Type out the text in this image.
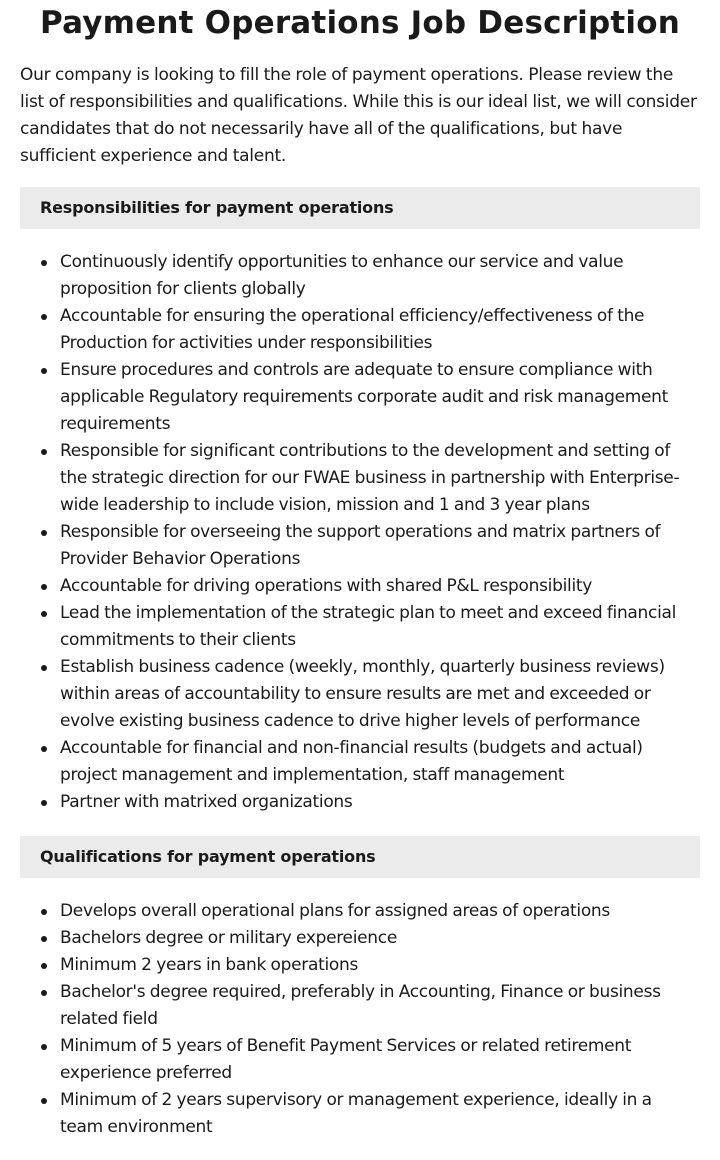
Payment Operations Job Description

Our company is looking to fill the role of payment operations. Please review the list of responsibilities and qualifications. While this is our ideal list, we will consider candidates that do not necessarily have all of the qualifications, but have sufficient experience and talent.

Responsibilities for payment operations
Continuously identify opportunities to enhance our service and value proposition for clients globally
Accountable for ensuring the operational efficiency/effectiveness of the Production for activities under responsibilities
Ensure procedures and controls are adequate to ensure compliance with applicable Regulatory requirements corporate audit and risk management requirements
Responsible for significant contributions to the development and setting of the strategic direction for our FWAE business in partnership with Enterprise-wide leadership to include vision, mission and 1 and 3 year plans
Responsible for overseeing the support operations and matrix partners of Provider Behavior Operations
Accountable for driving operations with shared P&L responsibility
Lead the implementation of the strategic plan to meet and exceed financial commitments to their clients
Establish business cadence (weekly, monthly, quarterly business reviews) within areas of accountability to ensure results are met and exceeded or evolve existing business cadence to drive higher levels of performance
Accountable for financial and non-financial results (budgets and actual) project management and implementation, staff management
Partner with matrixed organizations
Qualifications for payment operations
Develops overall operational plans for assigned areas of operations
Bachelors degree or military expereience
Minimum 2 years in bank operations
Bachelor's degree required, preferably in Accounting, Finance or business related field
Minimum of 5 years of Benefit Payment Services or related retirement experience preferred
Minimum of 2 years supervisory or management experience, ideally in a team environment
